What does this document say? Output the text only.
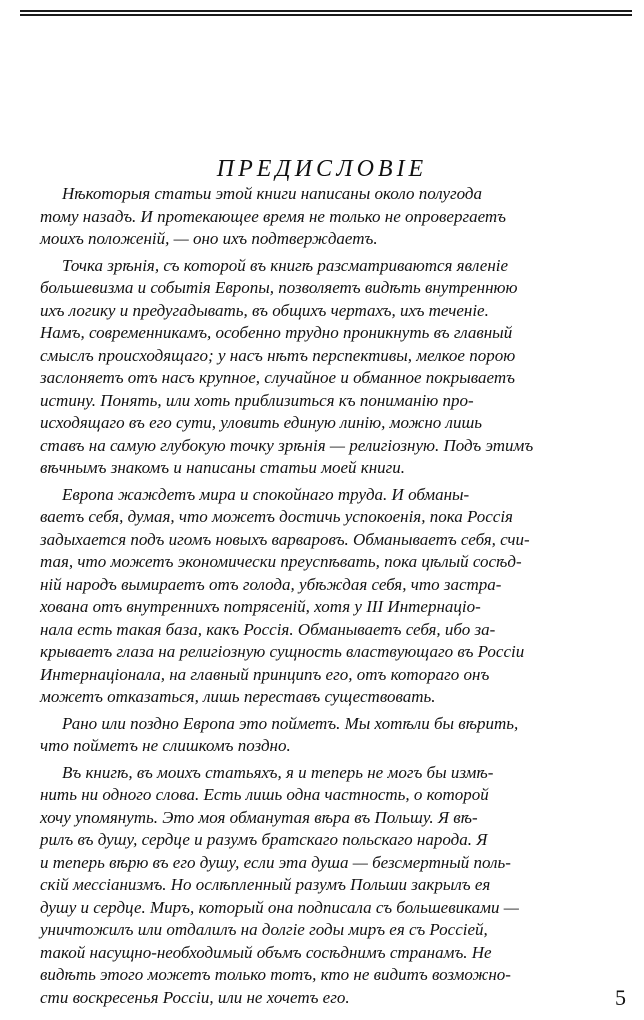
ПРЕДИСЛОВІЕ

Нѣкоторыя статьи этой книги написаны около полугода
тому назадъ. И протекающее время не только не опровергаетъ
моихъ положеній, — оно ихъ подтверждаетъ.

Точка зрѣнія, съ которой въ книгѣ разсматриваются явленіе
большевизма и событія Европы, позволяетъ видѣть внутреннюю
ихъ логику и предугадывать, въ общихъ чертахъ, ихъ теченіе.
Намъ, современникамъ, особенно трудно проникнуть въ главный
смыслъ происходящаго; у насъ нѣтъ перспективы, мелкое порою
заслоняетъ отъ насъ крупное, случайное и обманное покрываетъ
истину. Понять, или хоть приблизиться къ пониманію про-
исходящаго въ его сути, уловить единую линію, можно лишь
ставъ на самую глубокую точку зрѣнія — религіозную. Подъ этимъ
вѣчнымъ знакомъ и написаны статьи моей книги.

Европа жаждетъ мира и спокойнаго труда. И обманы-
ваетъ себя, думая, что можетъ достичь успокоенія, пока Россія
задыхается подъ игомъ новыхъ варваровъ. Обманываетъ себя, счи-
тая, что можетъ экономически преуспѣвать, пока цѣлый сосѣд-
ній народъ вымираетъ отъ голода, убѣждая себя, что застра-
хована отъ внутреннихъ потрясеній, хотя у III Интернаціо-
нала есть такая база, какъ Россія. Обманываетъ себя, ибо за-
крываетъ глаза на религіозную сущность властвующаго въ Россіи
Интернаціонала, на главный принципъ его, отъ котораго онъ
можетъ отказаться, лишь переставъ существовать.

Рано или поздно Европа это пойметъ. Мы хотѣли бы вѣрить,
что пойметъ не слишкомъ поздно.

Въ книгѣ, въ моихъ статьяхъ, я и теперь не могъ бы измѣ-
нить ни одного слова. Есть лишь одна частность, о которой
хочу упомянуть. Это моя обманутая вѣра въ Польшу. Я вѣ-
рилъ въ душу, сердце и разумъ братскаго польскаго народа. Я
и теперь вѣрю въ его душу, если эта душа — безсмертный поль-
скій мессіанизмъ. Но ослѣпленный разумъ Польши закрылъ ея
душу и сердце. Миръ, который она подписала съ большевиками —
уничтожилъ или отдалилъ на долгіе годы миръ ея съ Россіей,
такой насущно-необходимый объмъ сосѣднимъ странамъ. Не
видѣть этого можетъ только тотъ, кто не видитъ возможно-
сти воскресенья Россіи, или не хочетъ его.	5
